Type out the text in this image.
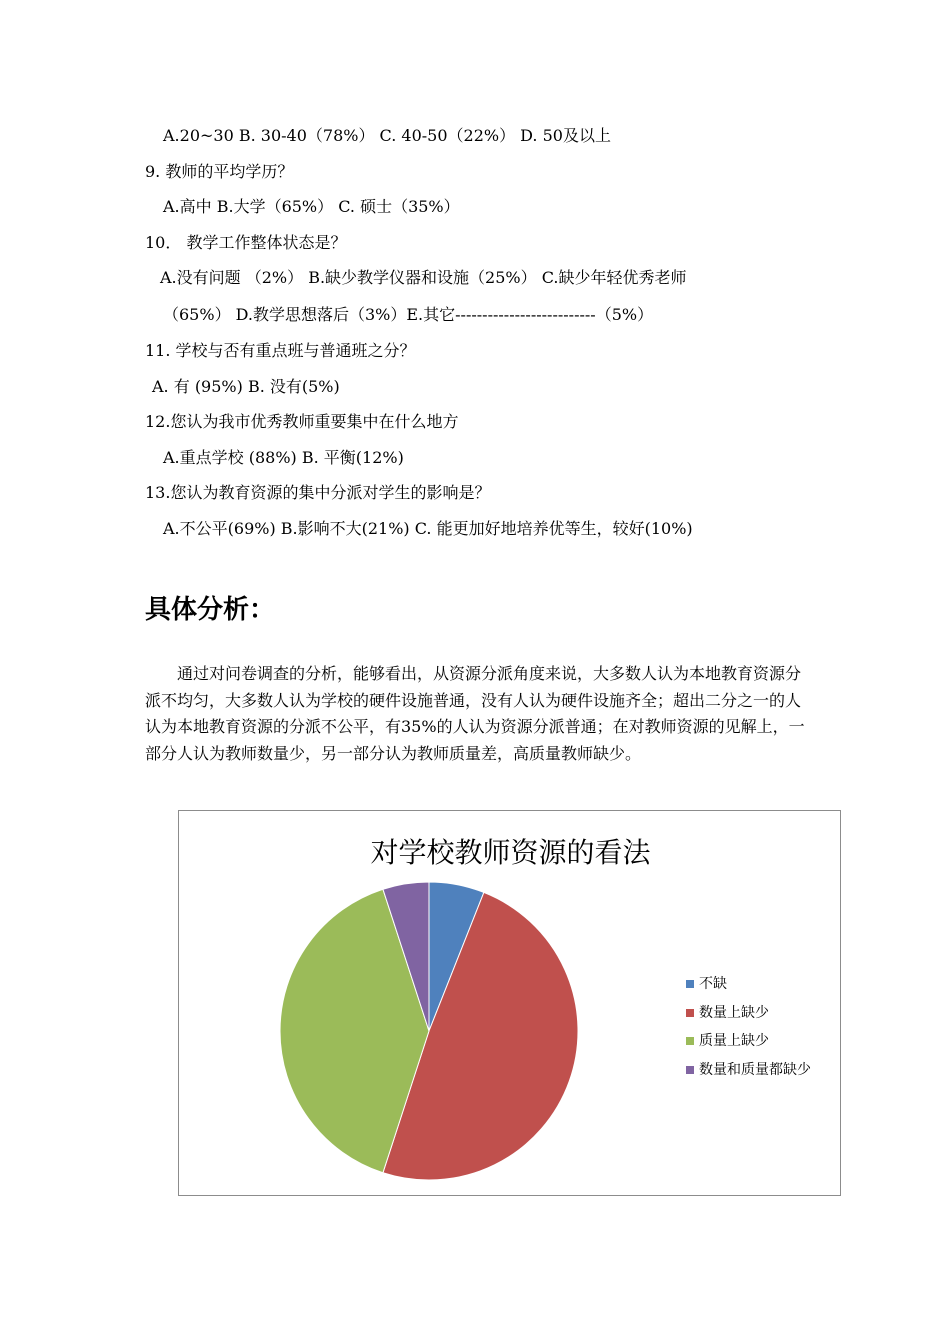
A.20~30 B. 30-40（78%） C. 40-50（22%） D. 50及以上
9. 教师的平均学历？
A.高中 B.大学（65%） C. 硕士（35%）
10． 教学工作整体状态是？
A.没有问题 （2%） B.缺少教学仪器和设施（25%） C.缺少年轻优秀老师
（65%） D.教学思想落后（3%）E.其它--------------------------（5%）
11. 学校与否有重点班与普通班之分？
A. 有 (95%) B. 没有(5%)
12.您认为我市优秀教师重要集中在什么地方
A.重点学校 (88%) B. 平衡(12%)
13.您认为教育资源的集中分派对学生的影响是？
A.不公平(69%) B.影响不大(21%) C. 能更加好地培养优等生，较好(10%)
具体分析：
　　通过对问卷调查的分析，能够看出，从资源分派角度来说，大多数人认为本地教育资源分派不均匀，大多数人认为学校的硬件设施普通，没有人认为硬件设施齐全；超出二分之一的人认为本地教育资源的分派不公平，有35%的人认为资源分派普通；在对教师资源的见解上，一部分人认为教师数量少，另一部分认为教师质量差，高质量教师缺少。
对学校教师资源的看法
不缺
数量上缺少
质量上缺少
数量和质量都缺少
